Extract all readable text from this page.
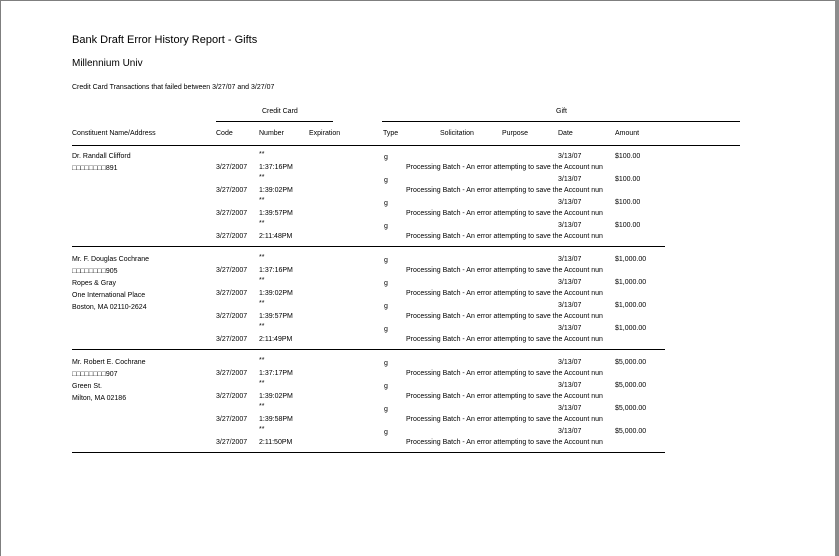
Bank Draft Error History Report - Gifts
Millennium Univ
Credit Card Transactions that failed between 3/27/07 and 3/27/07
Credit Card	Gift
Constituent Name/Address	Code	Number	Expiration	Type	Solicitation	Purpose	Date	Amount
Dr. Randall Clifford
□□□□□□□□891
**	g	3/13/07	$100.00
3/27/2007 1:37:16PM	Processing Batch - An error attempting to save the Account nun
**	g	3/13/07	$100.00
3/27/2007 1:39:02PM	Processing Batch - An error attempting to save the Account nun
**	g	3/13/07	$100.00
3/27/2007 1:39:57PM	Processing Batch - An error attempting to save the Account nun
**	g	3/13/07	$100.00
3/27/2007 2:11:48PM	Processing Batch - An error attempting to save the Account nun
Mr. F. Douglas Cochrane
□□□□□□□□905
Ropes & Gray
One International Place
Boston, MA 02110-2624
**	g	3/13/07	$1,000.00
3/27/2007 1:37:16PM	Processing Batch - An error attempting to save the Account nun
**	g	3/13/07	$1,000.00
3/27/2007 1:39:02PM	Processing Batch - An error attempting to save the Account nun
**	g	3/13/07	$1,000.00
3/27/2007 1:39:57PM	Processing Batch - An error attempting to save the Account nun
**	g	3/13/07	$1,000.00
3/27/2007 2:11:49PM	Processing Batch - An error attempting to save the Account nun
Mr. Robert E. Cochrane
□□□□□□□□907
Green St.
Milton, MA 02186
**	g	3/13/07	$5,000.00
3/27/2007 1:37:17PM	Processing Batch - An error attempting to save the Account nun
**	g	3/13/07	$5,000.00
3/27/2007 1:39:02PM	Processing Batch - An error attempting to save the Account nun
**	g	3/13/07	$5,000.00
3/27/2007 1:39:58PM	Processing Batch - An error attempting to save the Account nun
**	g	3/13/07	$5,000.00
3/27/2007 2:11:50PM	Processing Batch - An error attempting to save the Account nun
